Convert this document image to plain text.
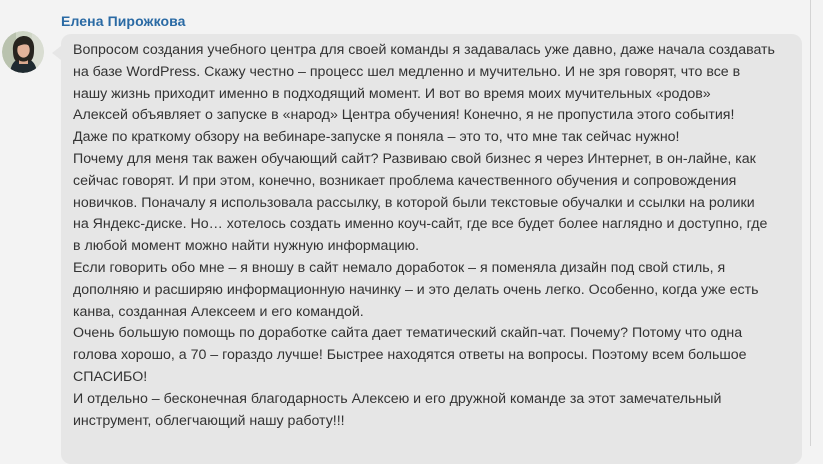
Елена Пирожкова
Вопросом создания учебного центра для своей команды я задавалась уже давно, даже начала создавать
на базе WordPress. Скажу честно – процесс шел медленно и мучительно. И не зря говорят, что все в
нашу жизнь приходит именно в подходящий момент. И вот во время моих мучительных «родов»
Алексей объявляет о запуске в «народ» Центра обучения! Конечно, я не пропустила этого события!
Даже по краткому обзору на вебинаре-запуске я поняла – это то, что мне так сейчас нужно!
Почему для меня так важен обучающий сайт? Развиваю свой бизнес я через Интернет, в он-лайне, как
сейчас говорят. И при этом, конечно, возникает проблема качественного обучения и сопровождения
новичков. Поначалу я использовала рассылку, в которой были текстовые обучалки и ссылки на ролики
на Яндекс-диске. Но… хотелось создать именно коуч-сайт, где все будет более наглядно и доступно, где
в любой момент можно найти нужную информацию.
Если говорить обо мне – я вношу в сайт немало доработок – я поменяла дизайн под свой стиль, я
дополняю и расширяю информационную начинку – и это делать очень легко. Особенно, когда уже есть
канва, созданная Алексеем и его командой.
Очень большую помощь по доработке сайта дает тематический скайп-чат. Почему? Потому что одна
голова хорошо, а 70 – гораздо лучше! Быстрее находятся ответы на вопросы. Поэтому всем большое
СПАСИБО!
И отдельно – бесконечная благодарность Алексею и его дружной команде за этот замечательный
инструмент, облегчающий нашу работу!!!
